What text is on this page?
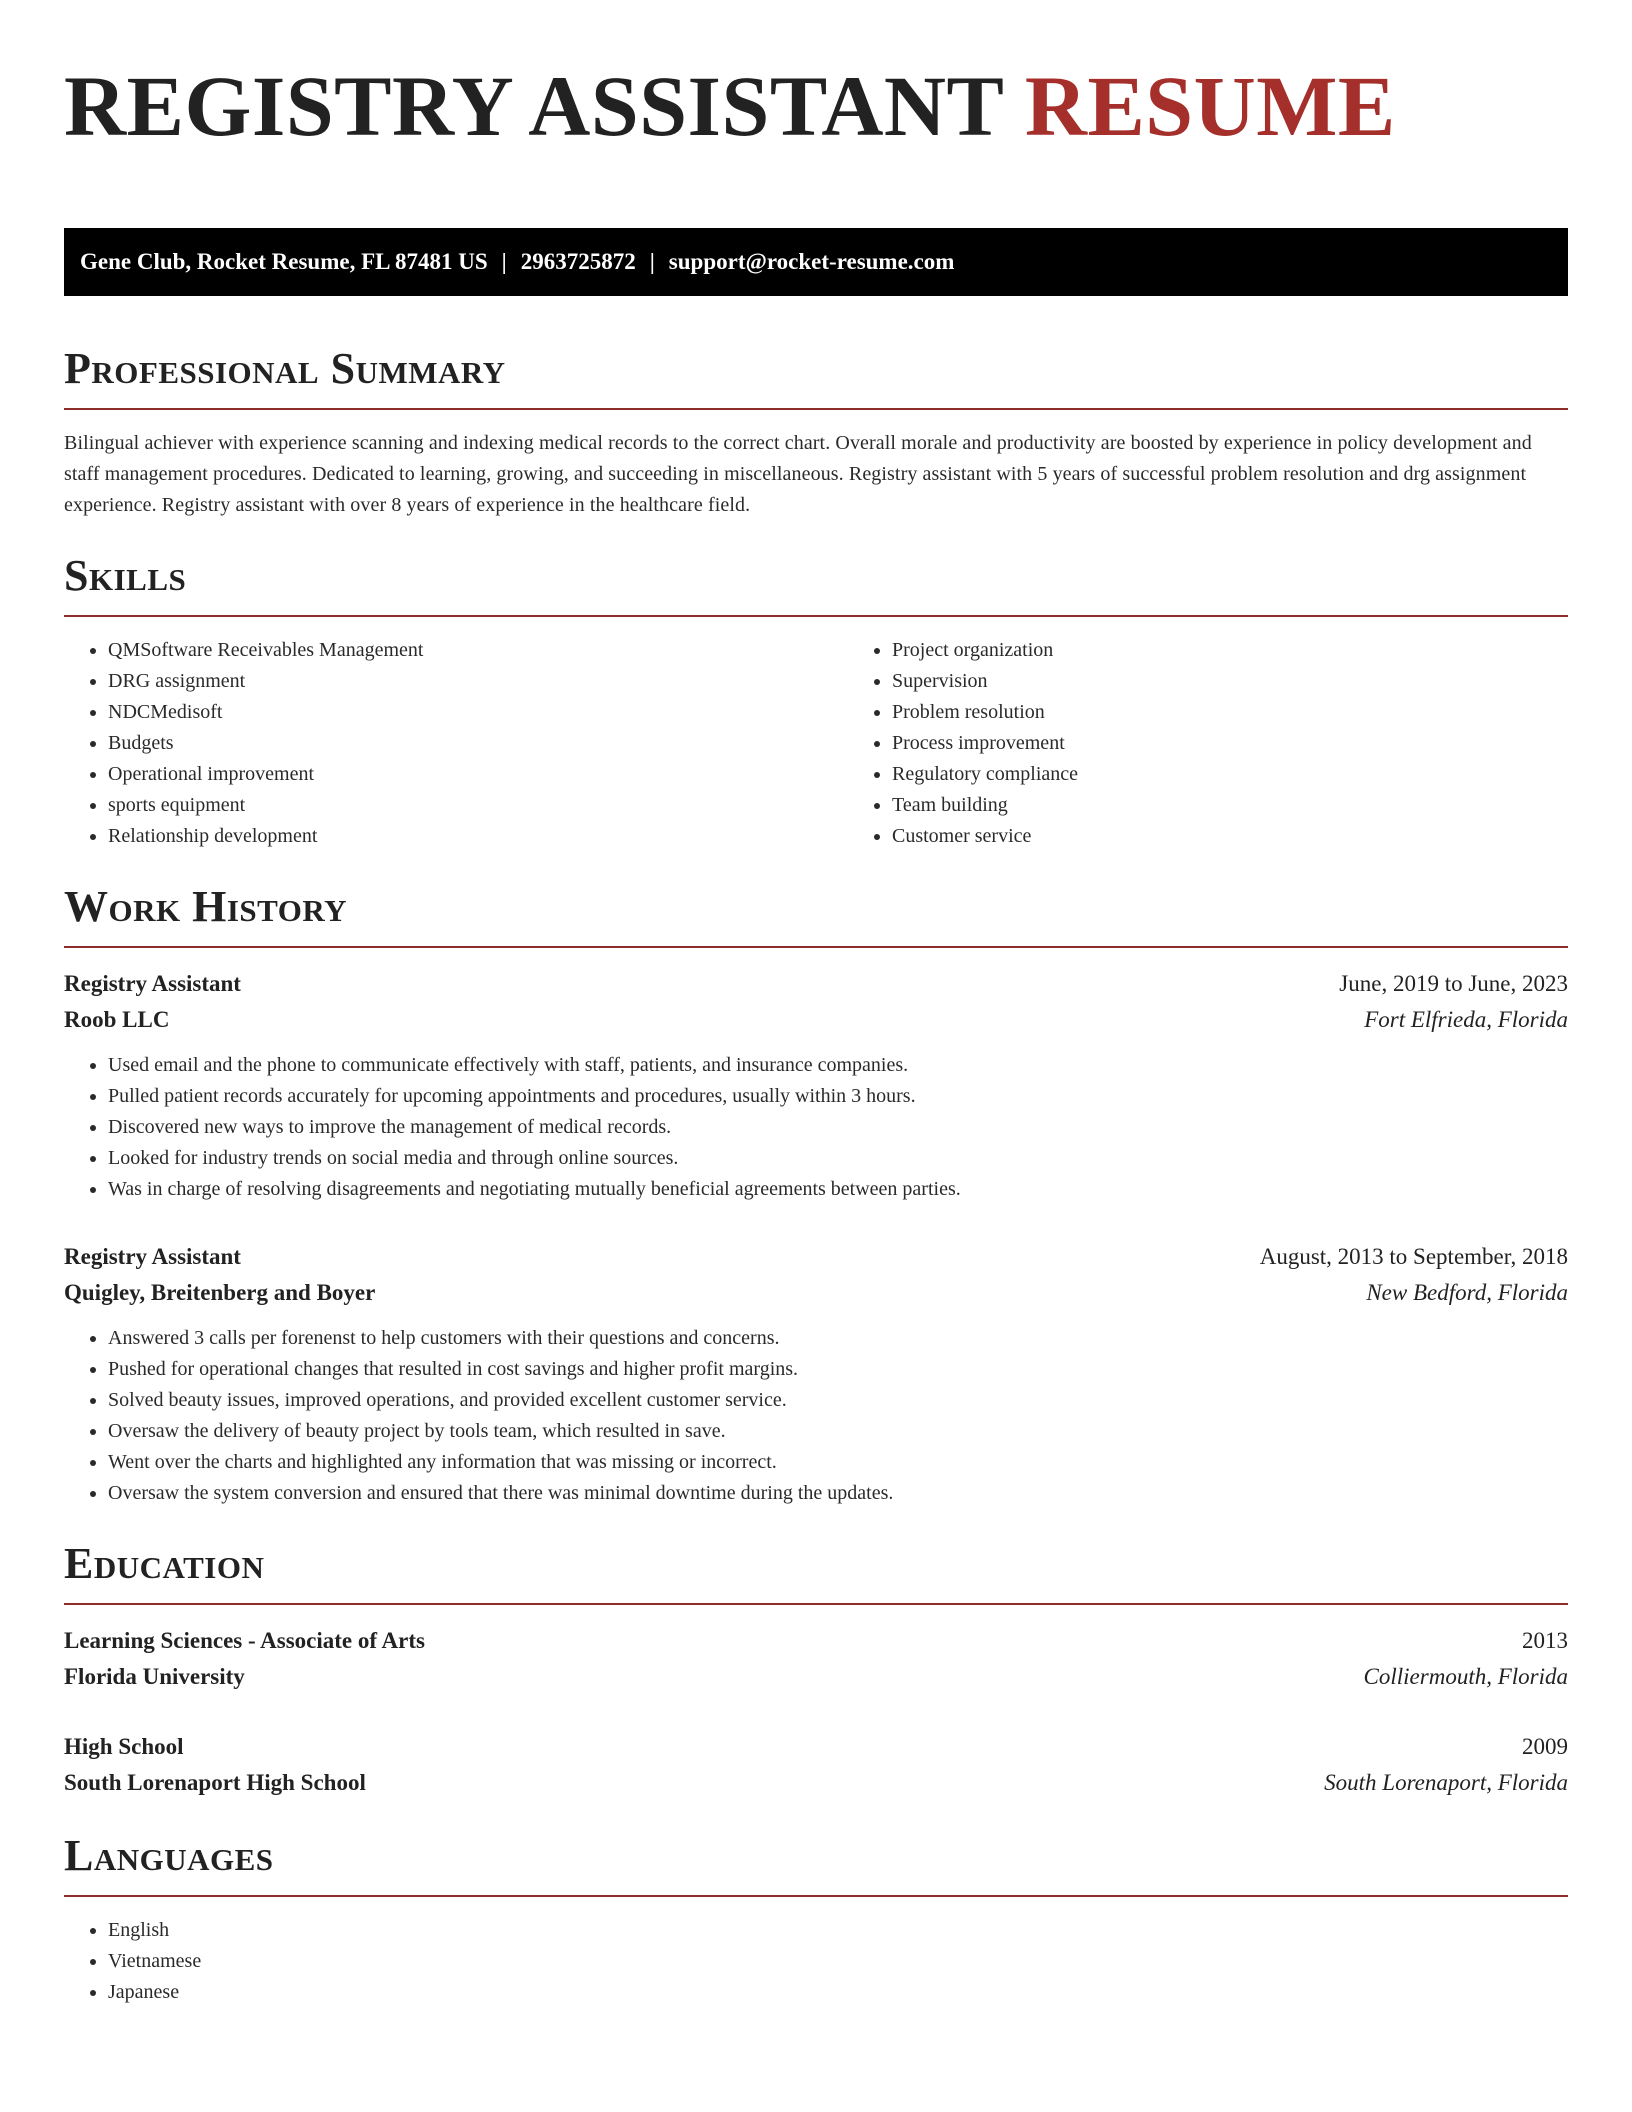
REGISTRY ASSISTANT RESUME
Gene Club, Rocket Resume, FL 87481 US | 2963725872 | support@rocket-resume.com
Professional Summary

Bilingual achiever with experience scanning and indexing medical records to the correct chart. Overall morale and productivity are boosted by experience in policy development and staff management procedures. Dedicated to learning, growing, and succeeding in miscellaneous. Registry assistant with 5 years of successful problem resolution and drg assignment experience. Registry assistant with over 8 years of experience in the healthcare field.

Skills
• QMSoftware Receivables Management
• DRG assignment
• NDCMedisoft
• Budgets
• Operational improvement
• sports equipment
• Relationship development
• Project organization
• Supervision
• Problem resolution
• Process improvement
• Regulatory compliance
• Team building
• Customer service
Work History
Registry Assistant	June, 2019 to June, 2023
Roob LLC	Fort Elfrieda, Florida
• Used email and the phone to communicate effectively with staff, patients, and insurance companies.
• Pulled patient records accurately for upcoming appointments and procedures, usually within 3 hours.
• Discovered new ways to improve the management of medical records.
• Looked for industry trends on social media and through online sources.
• Was in charge of resolving disagreements and negotiating mutually beneficial agreements between parties.
Registry Assistant	August, 2013 to September, 2018
Quigley, Breitenberg and Boyer	New Bedford, Florida
• Answered 3 calls per forenenst to help customers with their questions and concerns.
• Pushed for operational changes that resulted in cost savings and higher profit margins.
• Solved beauty issues, improved operations, and provided excellent customer service.
• Oversaw the delivery of beauty project by tools team, which resulted in save.
• Went over the charts and highlighted any information that was missing or incorrect.
• Oversaw the system conversion and ensured that there was minimal downtime during the updates.
Education
Learning Sciences - Associate of Arts	2013
Florida University	Colliermouth, Florida
High School	2009
South Lorenaport High School	South Lorenaport, Florida
Languages
• English
• Vietnamese
• Japanese
